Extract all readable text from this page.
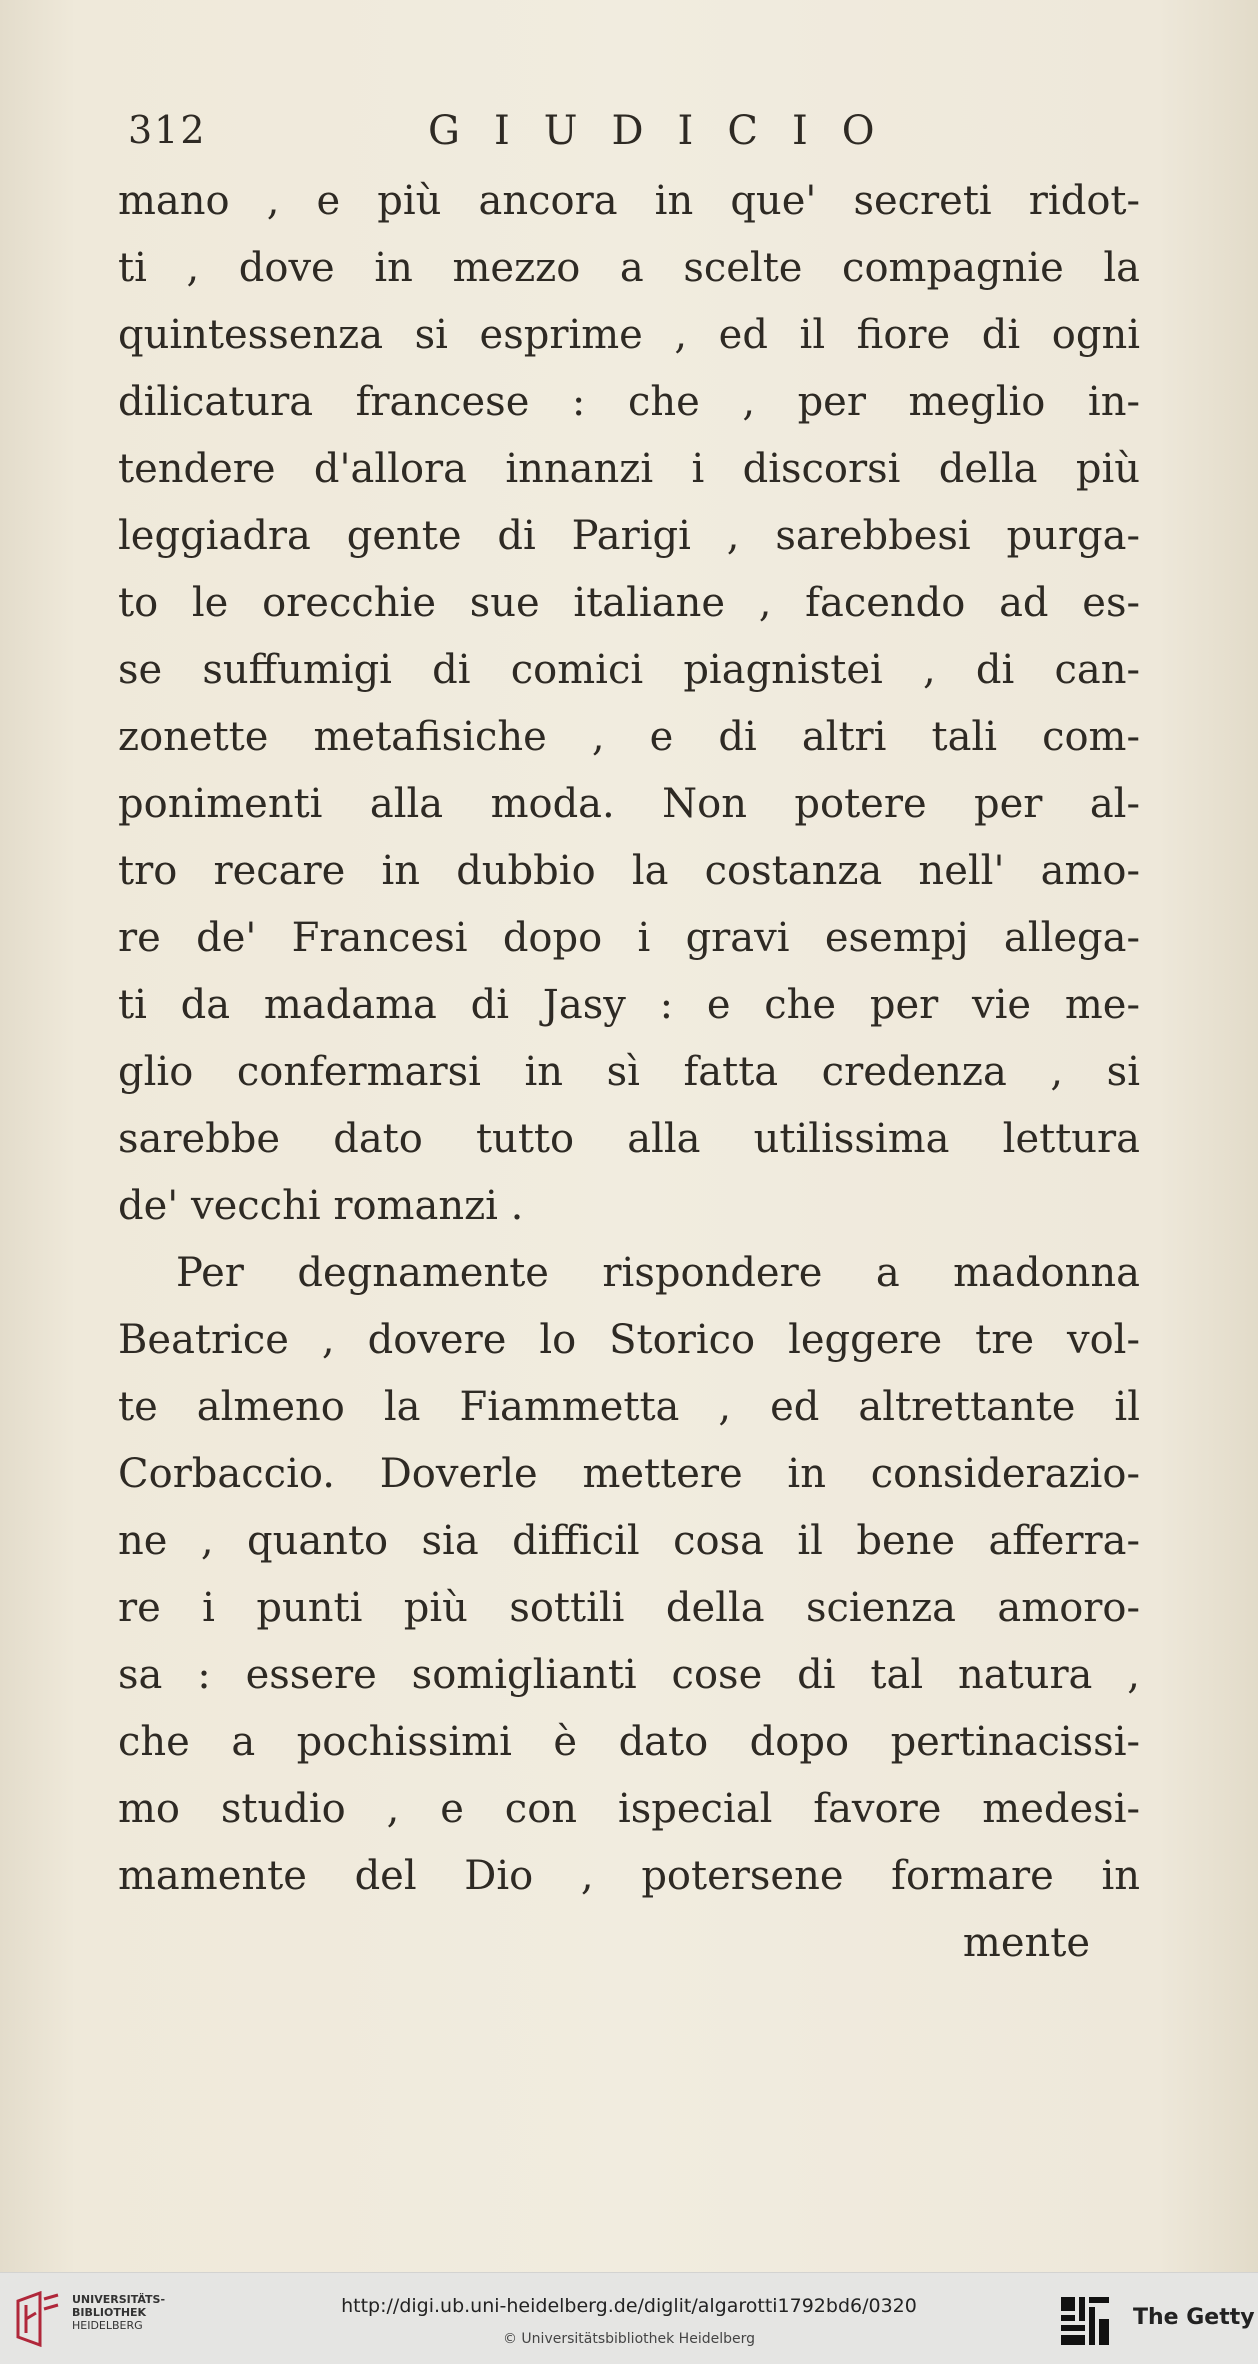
312	GIUDICIO
mano , e più ancora in que' secreti ridot-
ti , dove in mezzo a scelte compagnie la
quintessenza si esprime , ed il fiore di ogni
dilicatura francese : che , per meglio in-
tendere d'allora innanzi i discorsi della più
leggiadra gente di Parigi , sarebbesi purga-
to le orecchie sue italiane , facendo ad es-
se suffumigi di comici piagnistei , di can-
zonette metafisiche , e di altri tali com-
ponimenti alla moda. Non potere per al-
tro recare in dubbio la costanza nell' amo-
re de' Francesi dopo i gravi esempj allega-
ti da madama di Jasy : e che per vie me-
glio confermarsi in sì fatta credenza , si
sarebbe dato tutto alla utilissima lettura
de' vecchi romanzi .
Per degnamente rispondere a madonna
Beatrice , dovere lo Storico leggere tre vol-
te almeno la Fiammetta , ed altrettante il
Corbaccio. Doverle mettere in considerazio-
ne , quanto sia difficil cosa il bene afferra-
re i punti più sottili della scienza amoro-
sa : essere somiglianti cose di tal natura ,
che a pochissimi è dato dopo pertinacissi-
mo studio , e con ispecial favore medesi-
mamente del Dio , potersene formare in
mente
UNIVERSITÄTS-
BIBLIOTHEK
HEIDELBERG
http://digi.ub.uni-heidelberg.de/diglit/algarotti1792bd6/0320
© Universitätsbibliothek Heidelberg
The Getty
